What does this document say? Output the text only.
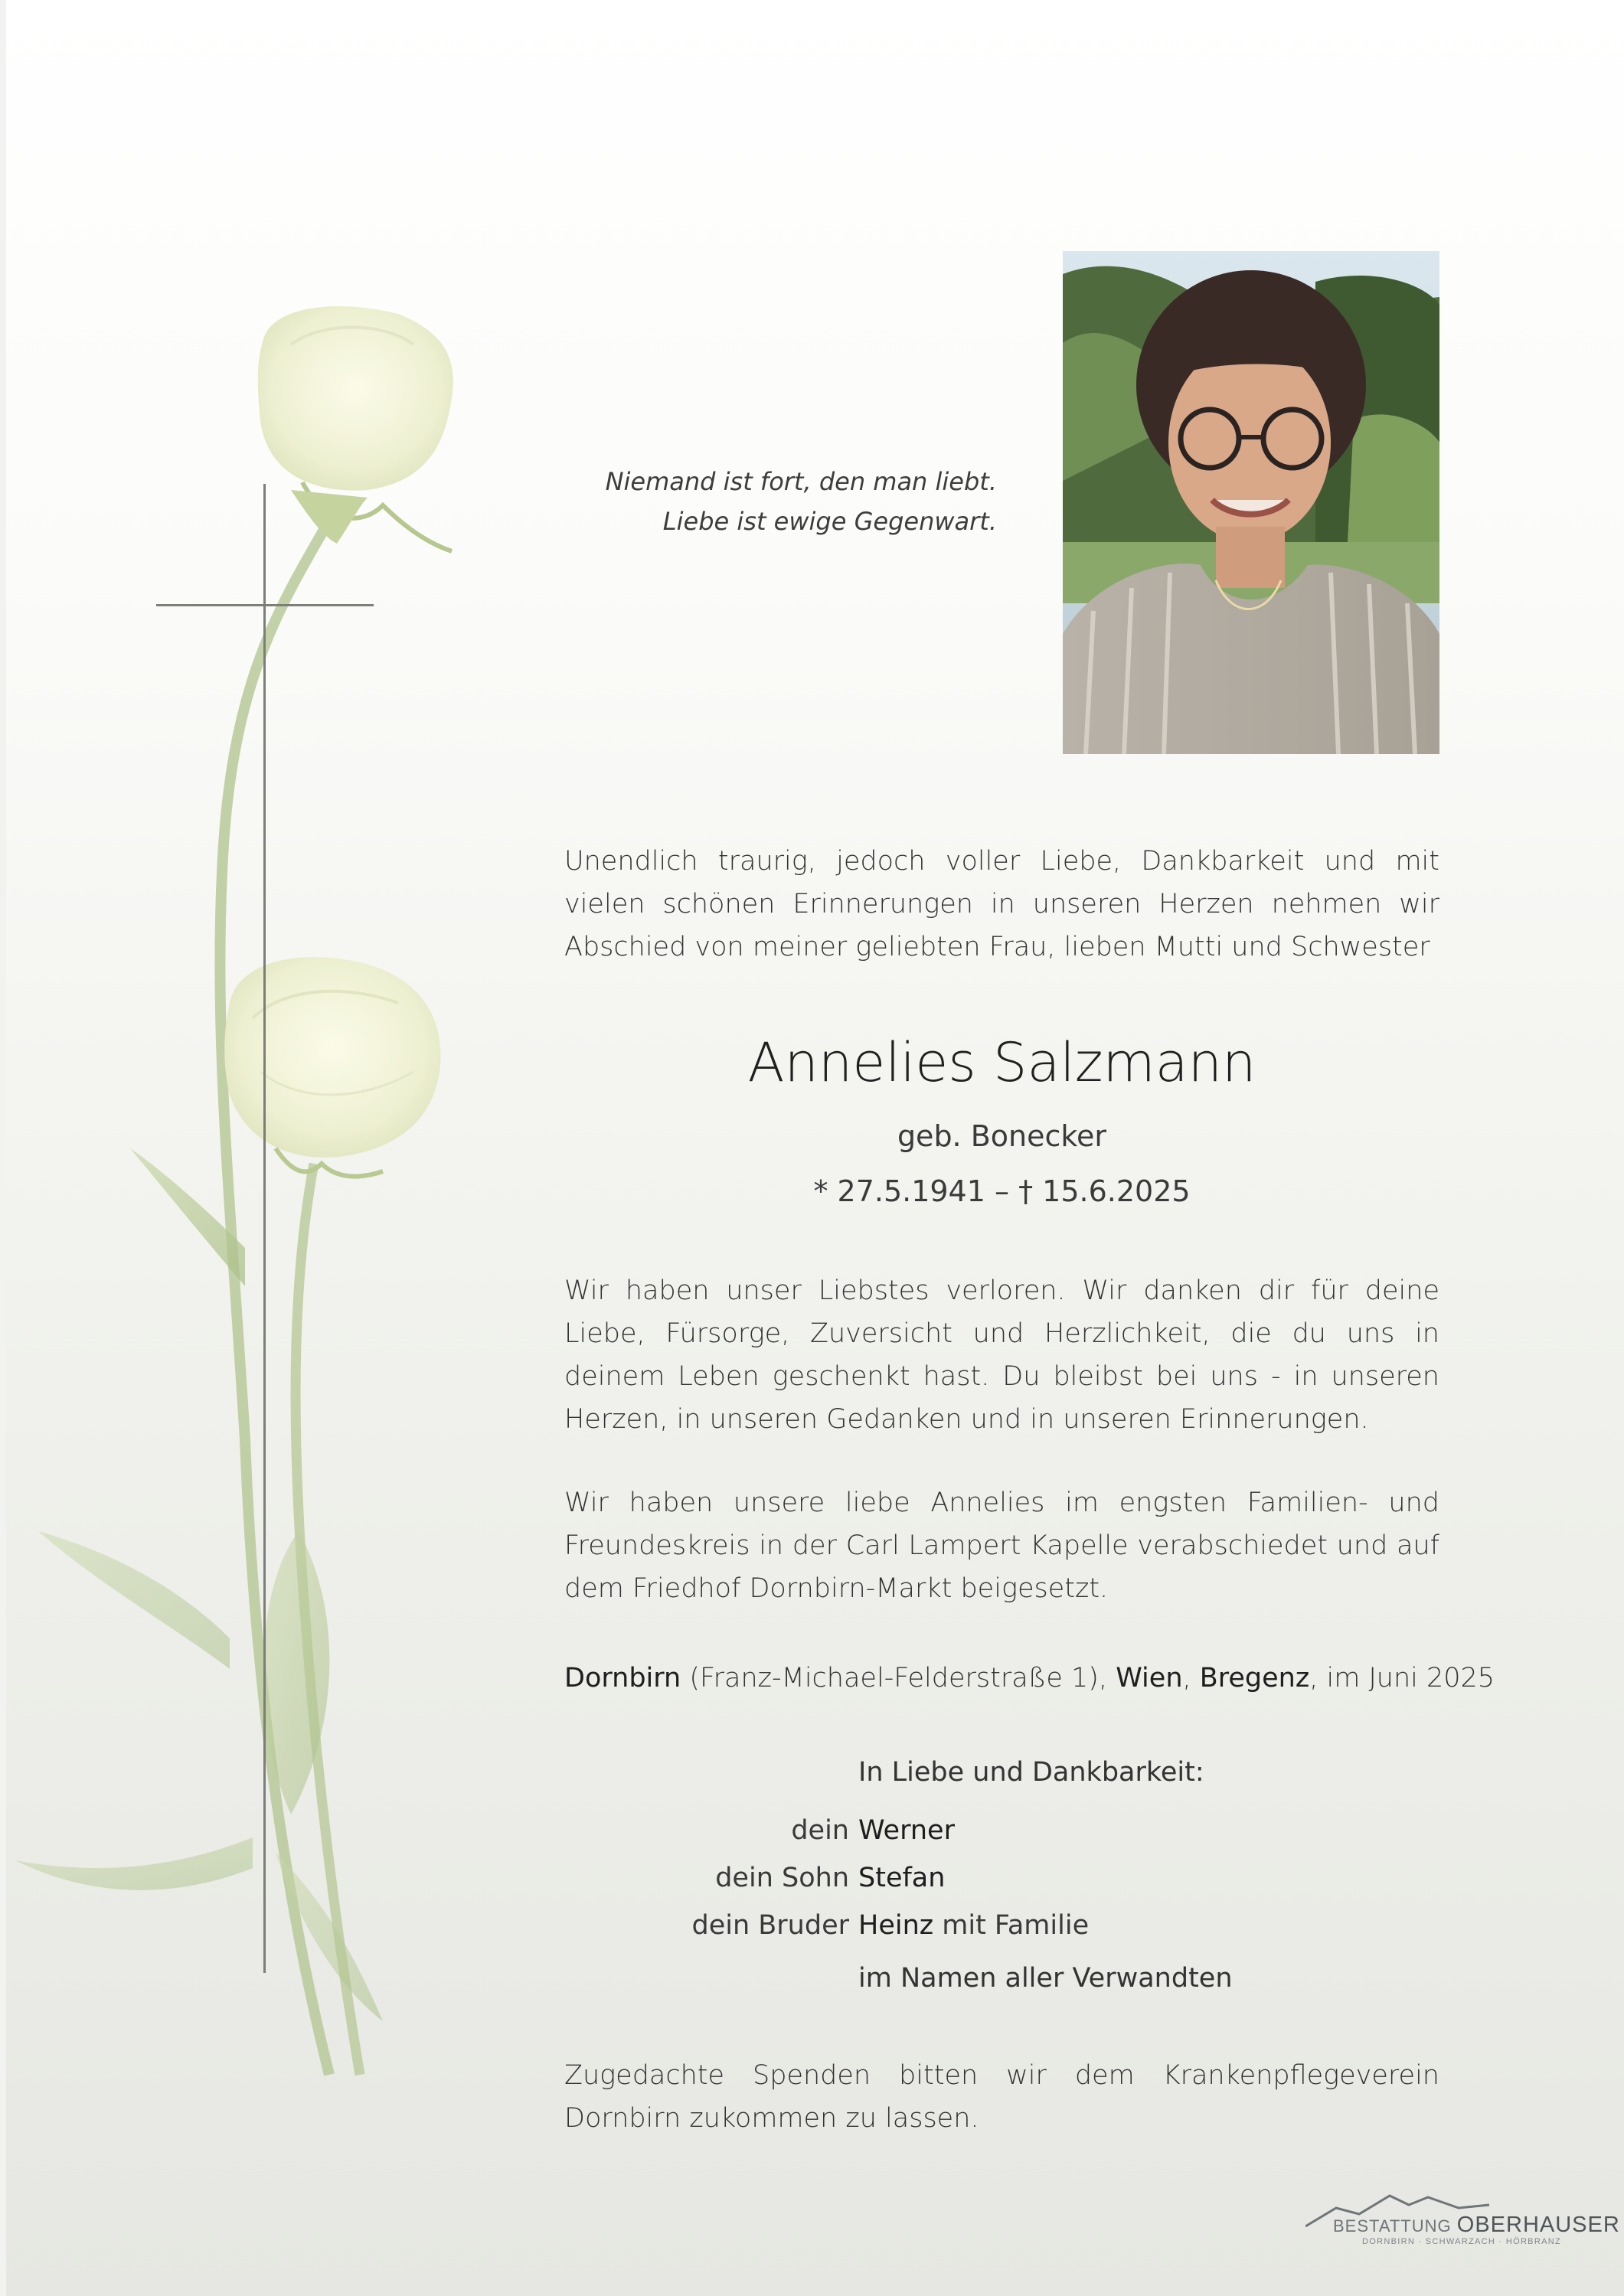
Niemand ist fort, den man liebt.
Liebe ist ewige Gegenwart.
Unendlich traurig, jedoch voller Liebe, Dankbarkeit und mit vielen schönen Erinnerungen in unseren Herzen nehmen wir Abschied von meiner geliebten Frau, lieben Mutti und Schwester
Annelies Salzmann
geb. Bonecker
* 27.5.1941 – † 15.6.2025
Wir haben unser Liebstes verloren. Wir danken dir für deine Liebe, Fürsorge, Zuversicht und Herzlichkeit, die du uns in deinem Leben geschenkt hast. Du bleibst bei uns - in unseren Herzen, in unseren Gedanken und in unseren Erinnerungen.
Wir haben unsere liebe Annelies im engsten Familien- und Freundeskreis in der Carl Lampert Kapelle verabschiedet und auf dem Friedhof Dornbirn-Markt beigesetzt.
Dornbirn (Franz-Michael-Felderstraße 1), Wien, Bregenz, im Juni 2025
In Liebe und Dankbarkeit:
dein Werner
dein Sohn Stefan
dein Bruder Heinz mit Familie
im Namen aller Verwandten
Zugedachte Spenden bitten wir dem Krankenpflegeverein Dornbirn zukommen zu lassen.
BESTATTUNG OBERHAUSER
DORNBIRN · SCHWARZACH · HÖRBRANZ
